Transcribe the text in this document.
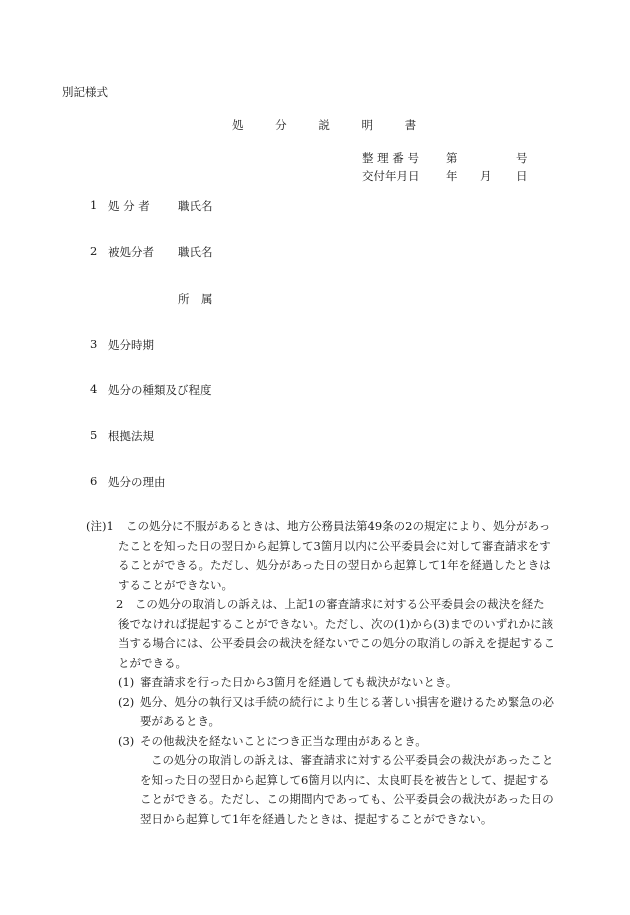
別記様式
処	分	説	明	書
整 理 番 号 第	号
交付年月日 年 月 日
1 処 分 者 職氏名
2 被処分者 職氏名
所　属
3 処分時期
4 処分の種類及び程度
5 根拠法規
6 処分の理由
(注)1	この処分に不服があるときは、地方公務員法第49条の2の規定により、処分があったことを知った日の翌日から起算して3箇月以内に公平委員会に対して審査請求をすることができる。ただし、処分があった日の翌日から起算して1年を経過したときはすることができない。

2　 この処分の取消しの訴えは、上記1の審査請求に対する公平委員会の裁決を経た後でなければ提起することができない。ただし、次の(1)から(3)までのいずれかに該当する場合には、公平委員会の裁決を経ないでこの処分の取消しの訴えを提起することができる。

(1) 審査請求を行った日から3箇月を経過しても裁決がないとき。
(2) 処分、処分の執行又は手続の続行により生じる著しい損害を避けるため緊急の必要があるとき。
(3) その他裁決を経ないことにつき正当な理由があるとき。

この処分の取消しの訴えは、審査請求に対する公平委員会の裁決があったことを知った日の翌日から起算して6箇月以内に、太良町長を被告として、提起することができる。ただし、この期間内であっても、公平委員会の裁決があった日の翌日から起算して1年を経過したときは、提起することができない。
